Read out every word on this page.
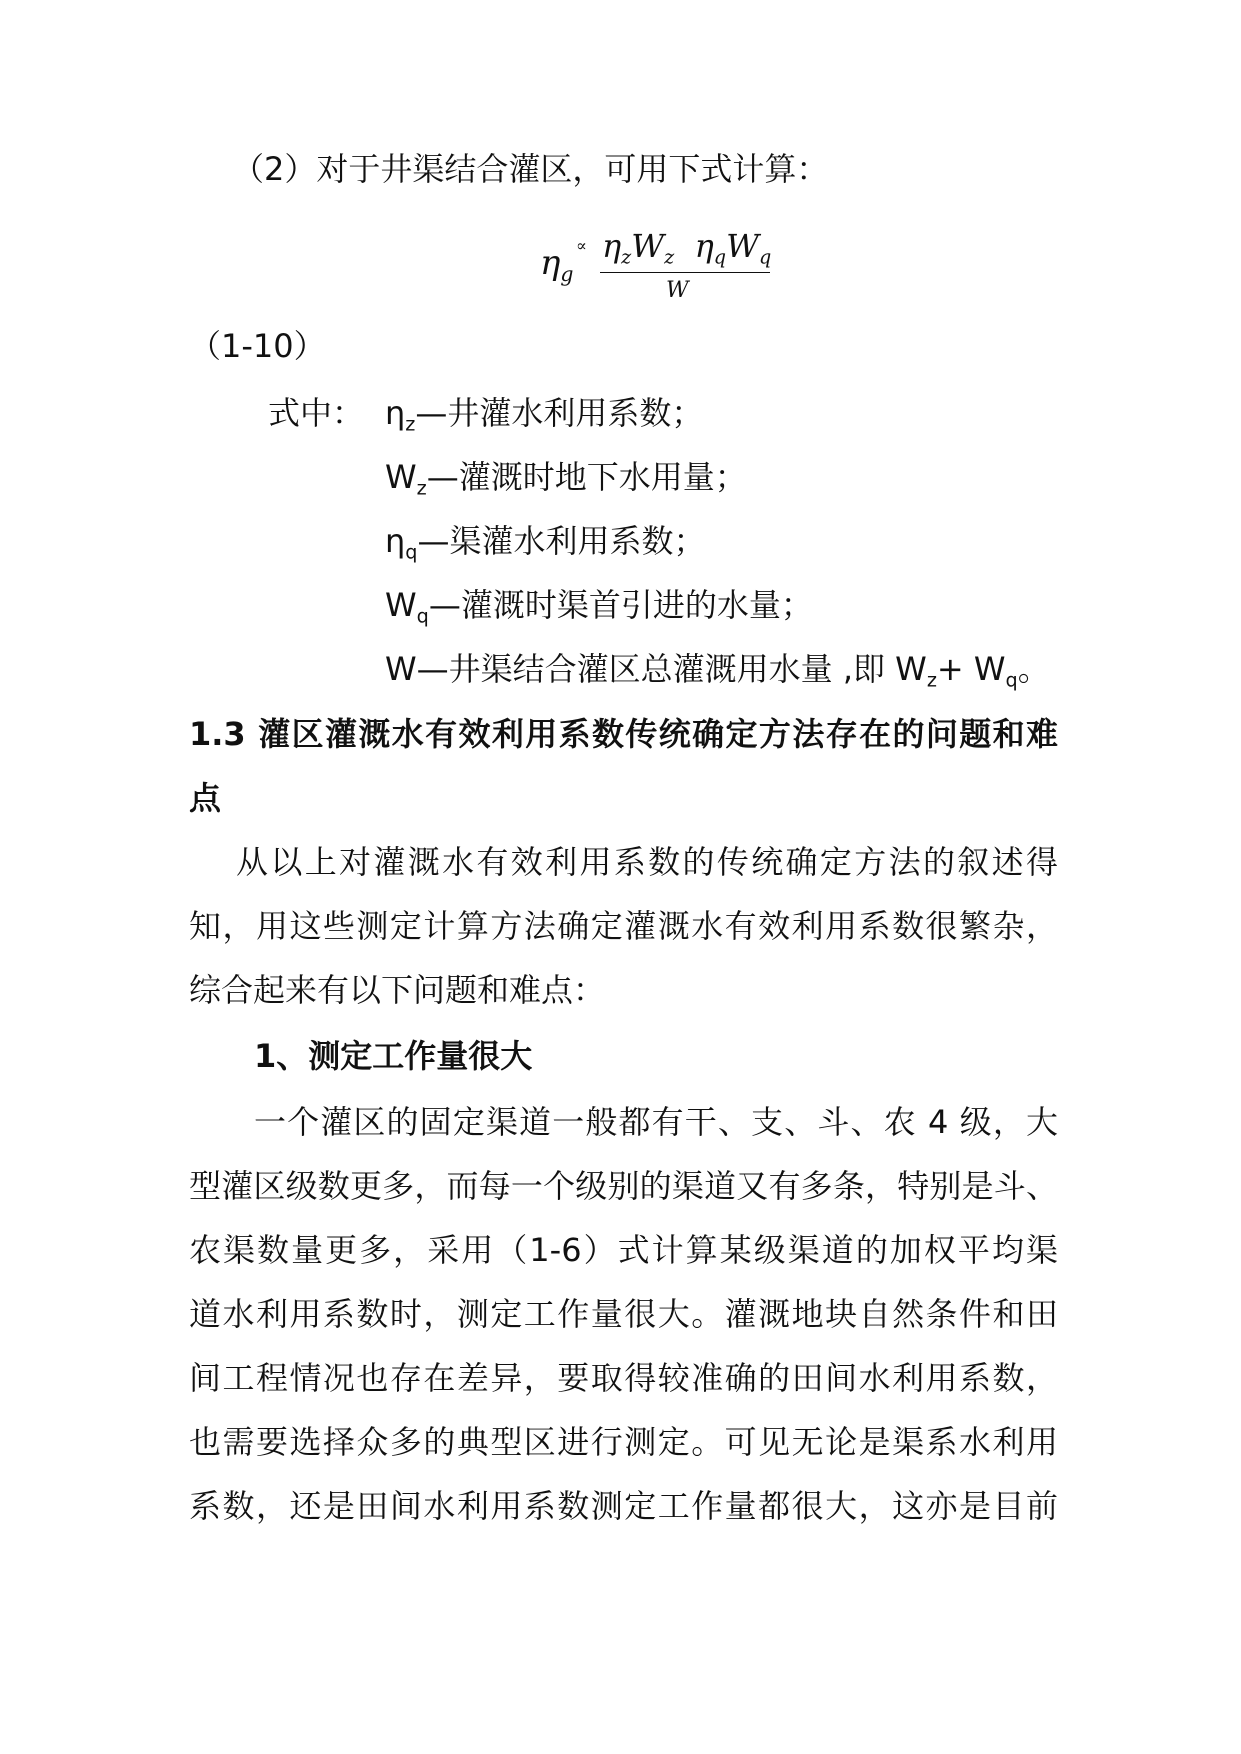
（2）对于井渠结合灌区，可用下式计算：
$\eta_g$
∝ $\eta_zW_z$ $\eta_qW_q$
W
（1-10）
式中： $\eta_z—$井灌水利用系数；
$W_z—$灌溉时地下水用量；
$\eta_q—$渠灌水利用系数；
$W_q—$灌溉时渠首引进的水量；
W—井渠结合灌区总灌溉用水量 ,即 $W_z+ W_q$。
1.3 灌区灌溉水有效利用系数传统确定方法存在的问题和难
点
从以上对灌溉水有效利用系数的传统确定方法的叙述得
知，用这些测定计算方法确定灌溉水有效利用系数很繁杂，
综合起来有以下问题和难点：
1、测定工作量很大
一个灌区的固定渠道一般都有干、支、斗、农 4 级，大
型灌区级数更多，而每一个级别的渠道又有多条，特别是斗、
农渠数量更多，采用（1-6）式计算某级渠道的加权平均渠
道水利用系数时，测定工作量很大。灌溉地块自然条件和田
间工程情况也存在差异，要取得较准确的田间水利用系数，
也需要选择众多的典型区进行测定。可见无论是渠系水利用
系数，还是田间水利用系数测定工作量都很大，这亦是目前
